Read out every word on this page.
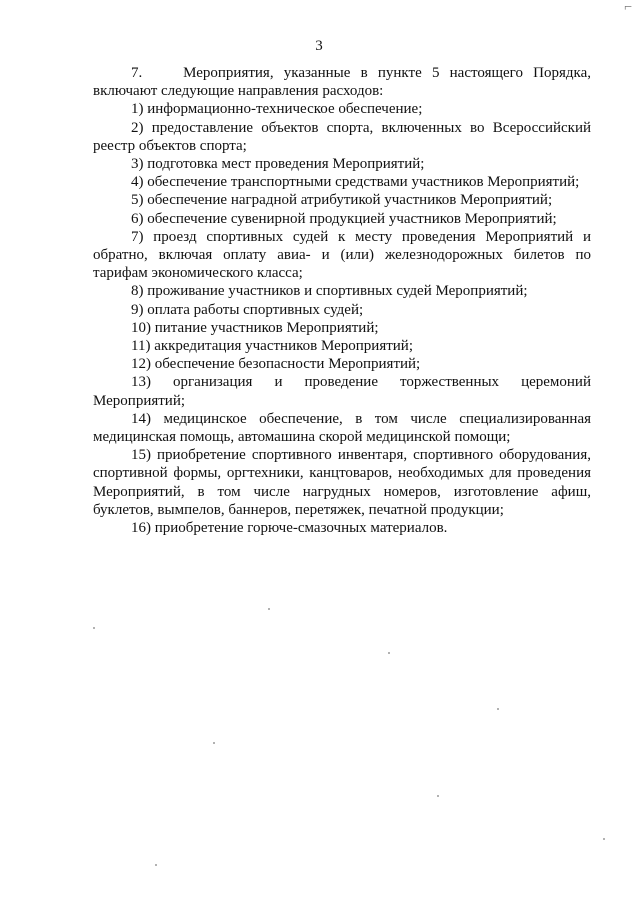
⌐
3

7.    Мероприятия, указанные в пункте 5 настоящего Порядка, включают следующие направления расходов:

1) информационно-техническое обеспечение;

2) предоставление объектов спорта, включенных во Всероссийский реестр объектов спорта;

3) подготовка мест проведения Мероприятий;

4) обеспечение транспортными средствами участников Мероприятий;

5) обеспечение наградной атрибутикой участников Мероприятий;

6) обеспечение сувенирной продукцией участников Мероприятий;

7) проезд спортивных судей к месту проведения Мероприятий и обратно, включая оплату авиа- и (или) железнодорожных билетов по тарифам экономического класса;

8) проживание участников и спортивных судей Мероприятий;

9) оплата работы спортивных судей;

10) питание участников Мероприятий;

11) аккредитация участников Мероприятий;

12) обеспечение безопасности Мероприятий;

13) организация и проведение торжественных церемоний Мероприятий;

14) медицинское обеспечение, в том числе специализированная медицинская помощь, автомашина скорой медицинской помощи;

15) приобретение спортивного инвентаря, спортивного оборудования, спортивной формы, оргтехники, канцтоваров, необходимых для проведения Мероприятий, в том числе нагрудных номеров, изготовление афиш, буклетов, вымпелов, баннеров, перетяжек, печатной продукции;

16) приобретение горюче-смазочных материалов.
